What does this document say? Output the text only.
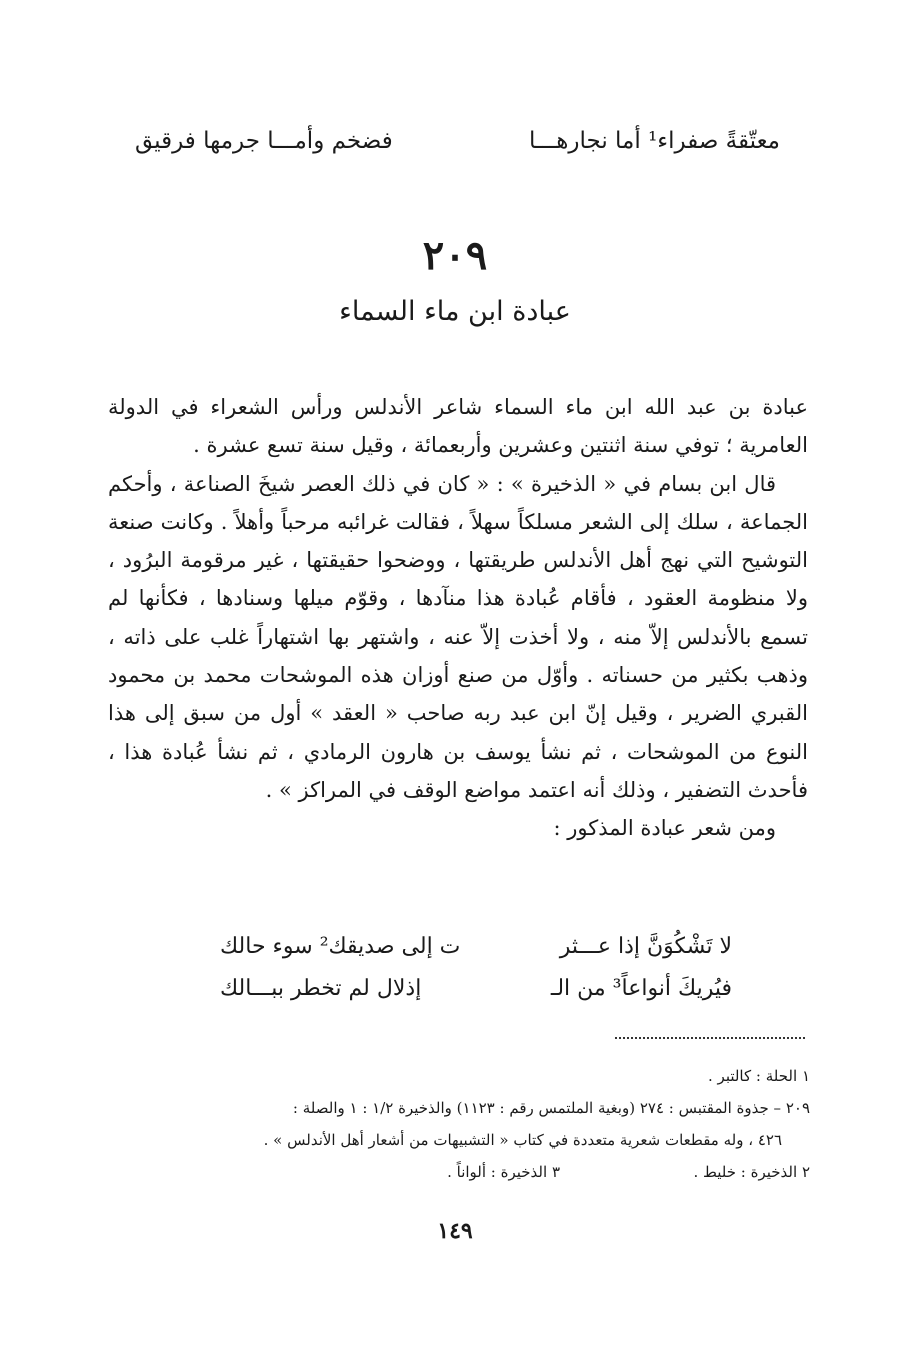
معتّقةً صفراء¹ أما نجارهـــا
فضخم وأمـــا جرمها فرقيق
٢٠٩
عبادة ابن ماء السماء

عبادة بن عبد الله ابن ماء السماء شاعر الأندلس ورأس الشعراء في الدولة العامرية ؛ توفي سنة اثنتين وعشرين وأربعمائة ، وقيل سنة تسع عشرة .

قال ابن بسام في « الذخيرة » : « كان في ذلك العصر شيخَ الصناعة ، وأحكم الجماعة ، سلك إلى الشعر مسلكاً سهلاً ، فقالت غرائبه مرحباً وأهلاً . وكانت صنعة التوشيح التي نهج أهل الأندلس طريقتها ، ووضحوا حقيقتها ، غير مرقومة البرُود ، ولا منظومة العقود ، فأقام عُبادة هذا منآدها ، وقوّم ميلها وسنادها ، فكأنها لم تسمع بالأندلس إلاّ منه ، ولا أخذت إلاّ عنه ، واشتهر بها اشتهاراً غلب على ذاته ، وذهب بكثير من حسناته . وأوّل من صنع أوزان هذه الموشحات محمد بن محمود القبري الضرير ، وقيل إنّ ابن عبد ربه صاحب « العقد » أول من سبق إلى هذا النوع من الموشحات ، ثم نشأ يوسف بن هارون الرمادي ، ثم نشأ عُبادة هذا ، فأحدث التضفير ، وذلك أنه اعتمد مواضع الوقف في المراكز » .

ومن شعر عبادة المذكور :

لا تَشْكُوَنَّ إذا عـــثر
ت إلى صديقك² سوء حالك
فيُريكَ أنواعاً³ من الـ
إذلال لم تخطر ببـــالك

١ الحلة : كالتبر .

٢٠٩ – جذوة المقتبس : ٢٧٤ (وبغية الملتمس رقم : ١١٢٣) والذخيرة ١/٢ : ١ والصلة :

٤٢٦ ، وله مقطعات شعرية متعددة في كتاب « التشبيهات من أشعار أهل الأندلس » .

٢ الذخيرة : خليط .
٣ الذخيرة : ألواناً .
١٤٩
